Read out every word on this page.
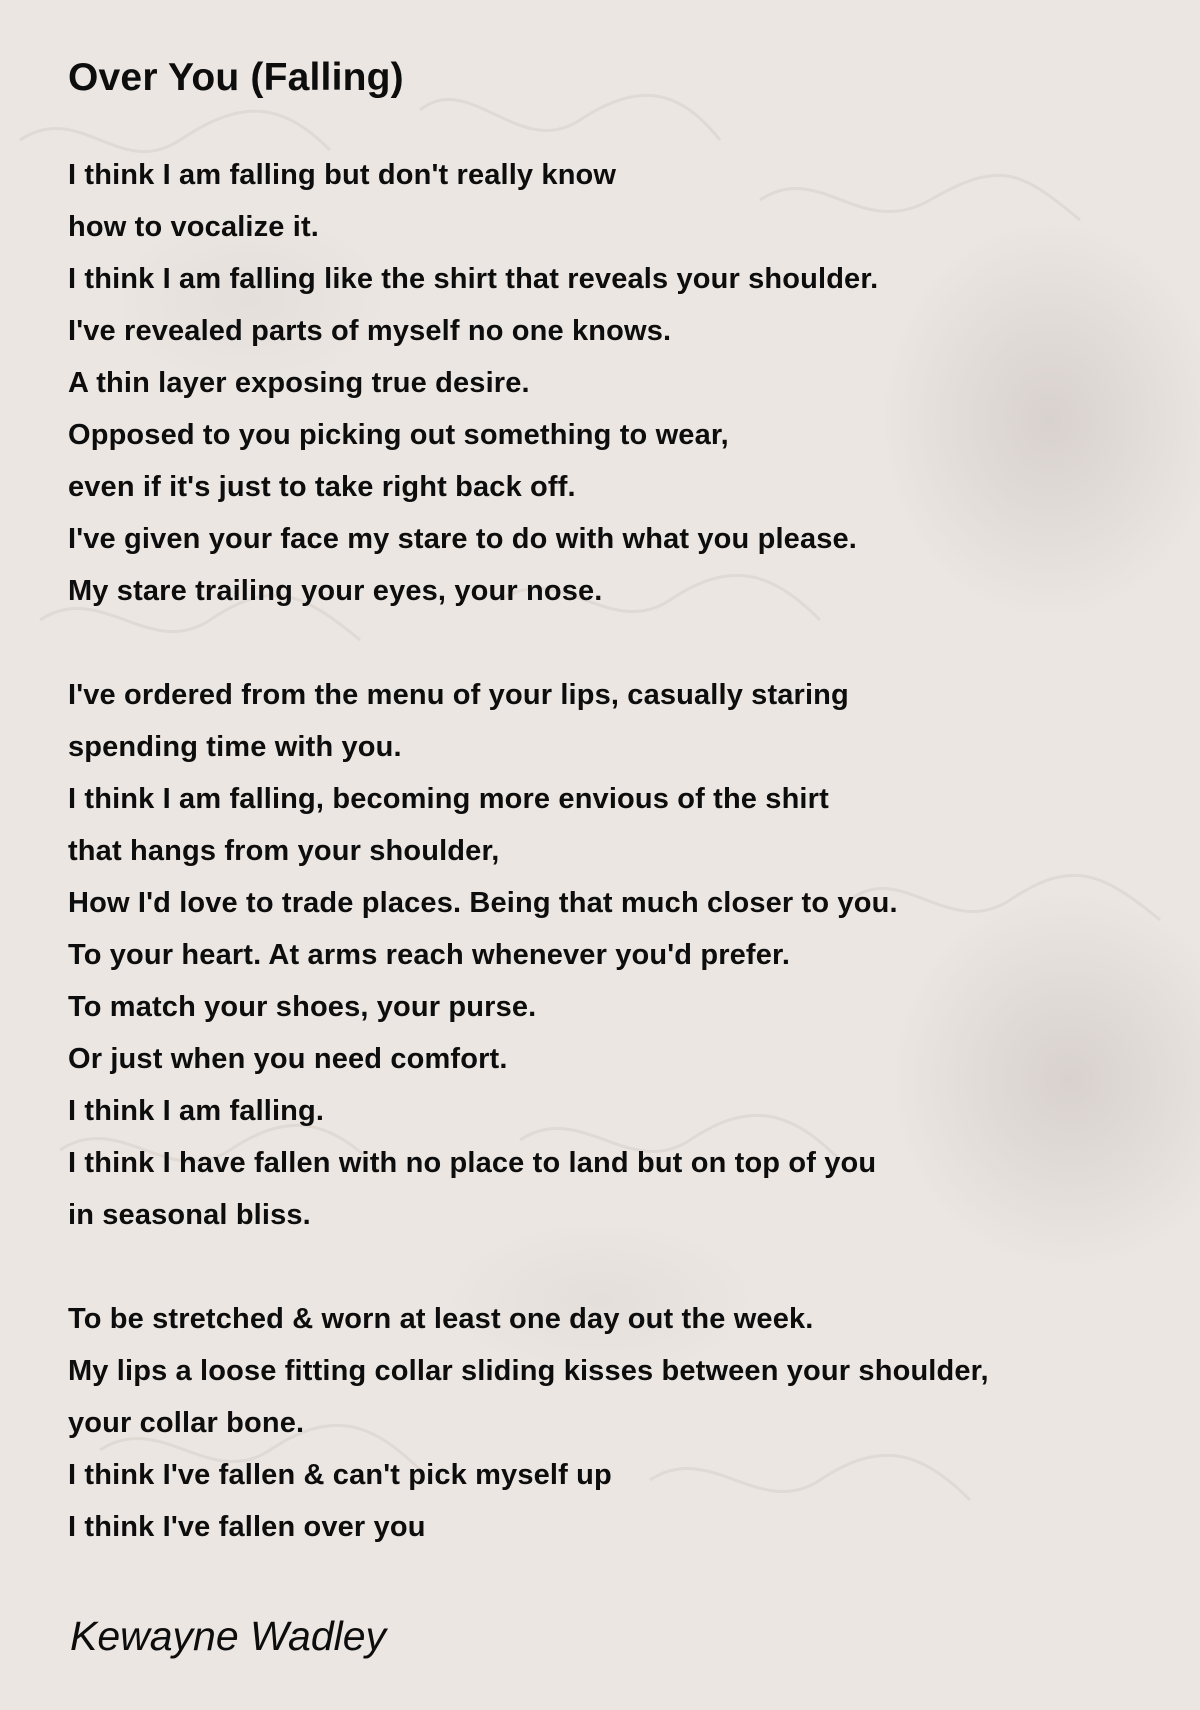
Over You (Falling)
I think I am falling but don't really know
how to vocalize it.
I think I am falling like the shirt that reveals your shoulder.
I've revealed parts of myself no one knows.
A thin layer exposing true desire.
Opposed to you picking out something to wear,
even if it's just to take right back off.
I've given your face my stare to do with what you please.
My stare trailing your eyes, your nose.
I've ordered from the menu of your lips, casually staring
spending time with you.
I think I am falling, becoming more envious of the shirt
that hangs from your shoulder,
How I'd love to trade places. Being that much closer to you.
To your heart. At arms reach whenever you'd prefer.
To match your shoes, your purse.
Or just when you need comfort.
I think I am falling.
I think I have fallen with no place to land but on top of you
in seasonal bliss.
To be stretched & worn at least one day out the week.
My lips a loose fitting collar sliding kisses between your shoulder,
your collar bone.
I think I've fallen & can't pick myself up
I think I've fallen over you
Kewayne Wadley
